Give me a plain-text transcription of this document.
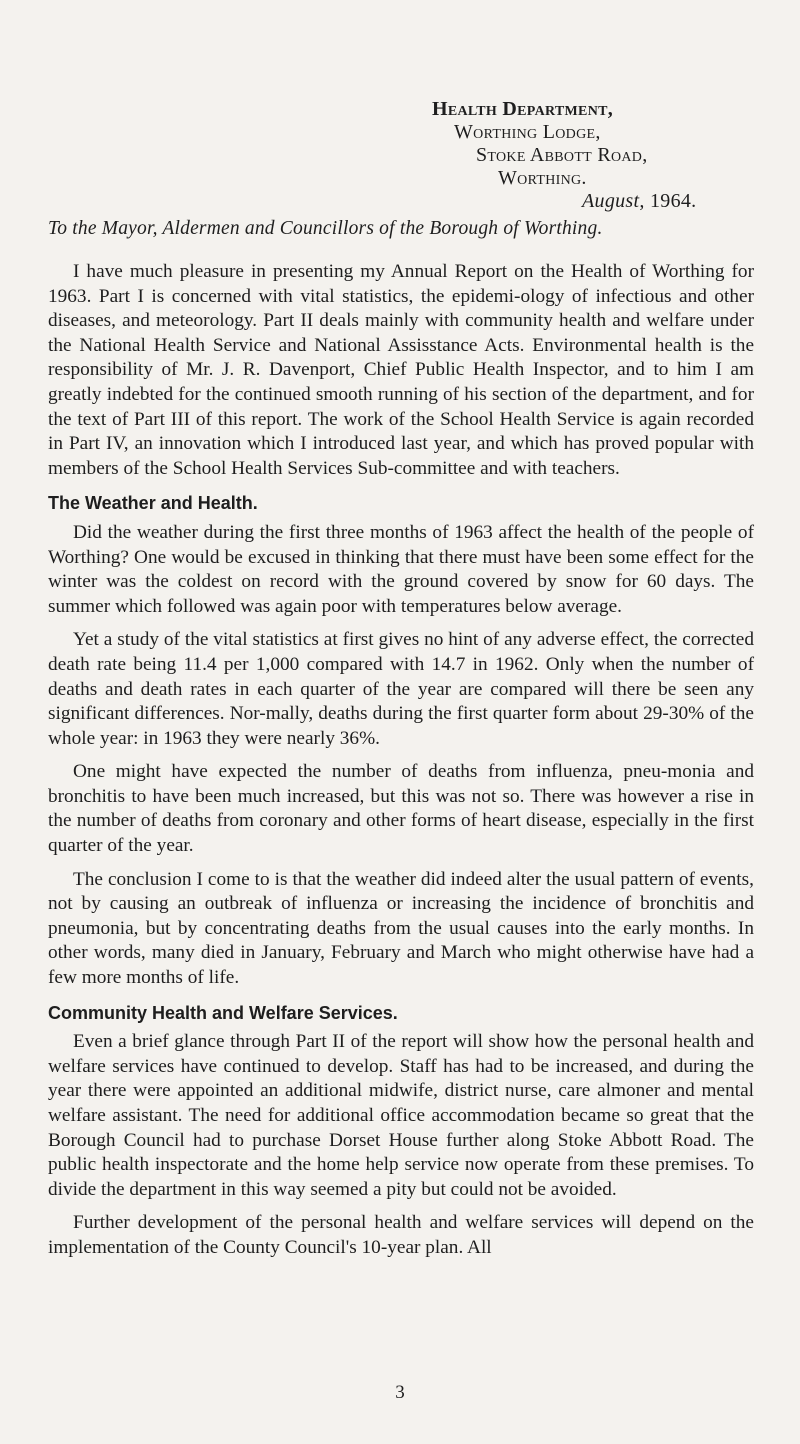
Health Department,
Worthing Lodge,
Stoke Abbott Road,
Worthing.
August, 1964.
To the Mayor, Aldermen and Councillors of the Borough of Worthing.

I have much pleasure in presenting my Annual Report on the Health of Worthing for 1963. Part I is concerned with vital statistics, the epidemi-ology of infectious and other diseases, and meteorology. Part II deals mainly with community health and welfare under the National Health Service and National Assisstance Acts. Environmental health is the responsibility of Mr. J. R. Davenport, Chief Public Health Inspector, and to him I am greatly indebted for the continued smooth running of his section of the department, and for the text of Part III of this report. The work of the School Health Service is again recorded in Part IV, an innovation which I introduced last year, and which has proved popular with members of the School Health Services Sub-committee and with teachers.

The Weather and Health.

Did the weather during the first three months of 1963 affect the health of the people of Worthing? One would be excused in thinking that there must have been some effect for the winter was the coldest on record with the ground covered by snow for 60 days. The summer which followed was again poor with temperatures below average.

Yet a study of the vital statistics at first gives no hint of any adverse effect, the corrected death rate being 11.4 per 1,000 compared with 14.7 in 1962. Only when the number of deaths and death rates in each quarter of the year are compared will there be seen any significant differences. Nor-mally, deaths during the first quarter form about 29-30% of the whole year: in 1963 they were nearly 36%.

One might have expected the number of deaths from influenza, pneu-monia and bronchitis to have been much increased, but this was not so. There was however a rise in the number of deaths from coronary and other forms of heart disease, especially in the first quarter of the year.

The conclusion I come to is that the weather did indeed alter the usual pattern of events, not by causing an outbreak of influenza or increasing the incidence of bronchitis and pneumonia, but by concentrating deaths from the usual causes into the early months. In other words, many died in January, February and March who might otherwise have had a few more months of life.

Community Health and Welfare Services.

Even a brief glance through Part II of the report will show how the personal health and welfare services have continued to develop. Staff has had to be increased, and during the year there were appointed an additional midwife, district nurse, care almoner and mental welfare assistant. The need for additional office accommodation became so great that the Borough Council had to purchase Dorset House further along Stoke Abbott Road. The public health inspectorate and the home help service now operate from these premises. To divide the department in this way seemed a pity but could not be avoided.

Further development of the personal health and welfare services will depend on the implementation of the County Council's 10-year plan. All

3
